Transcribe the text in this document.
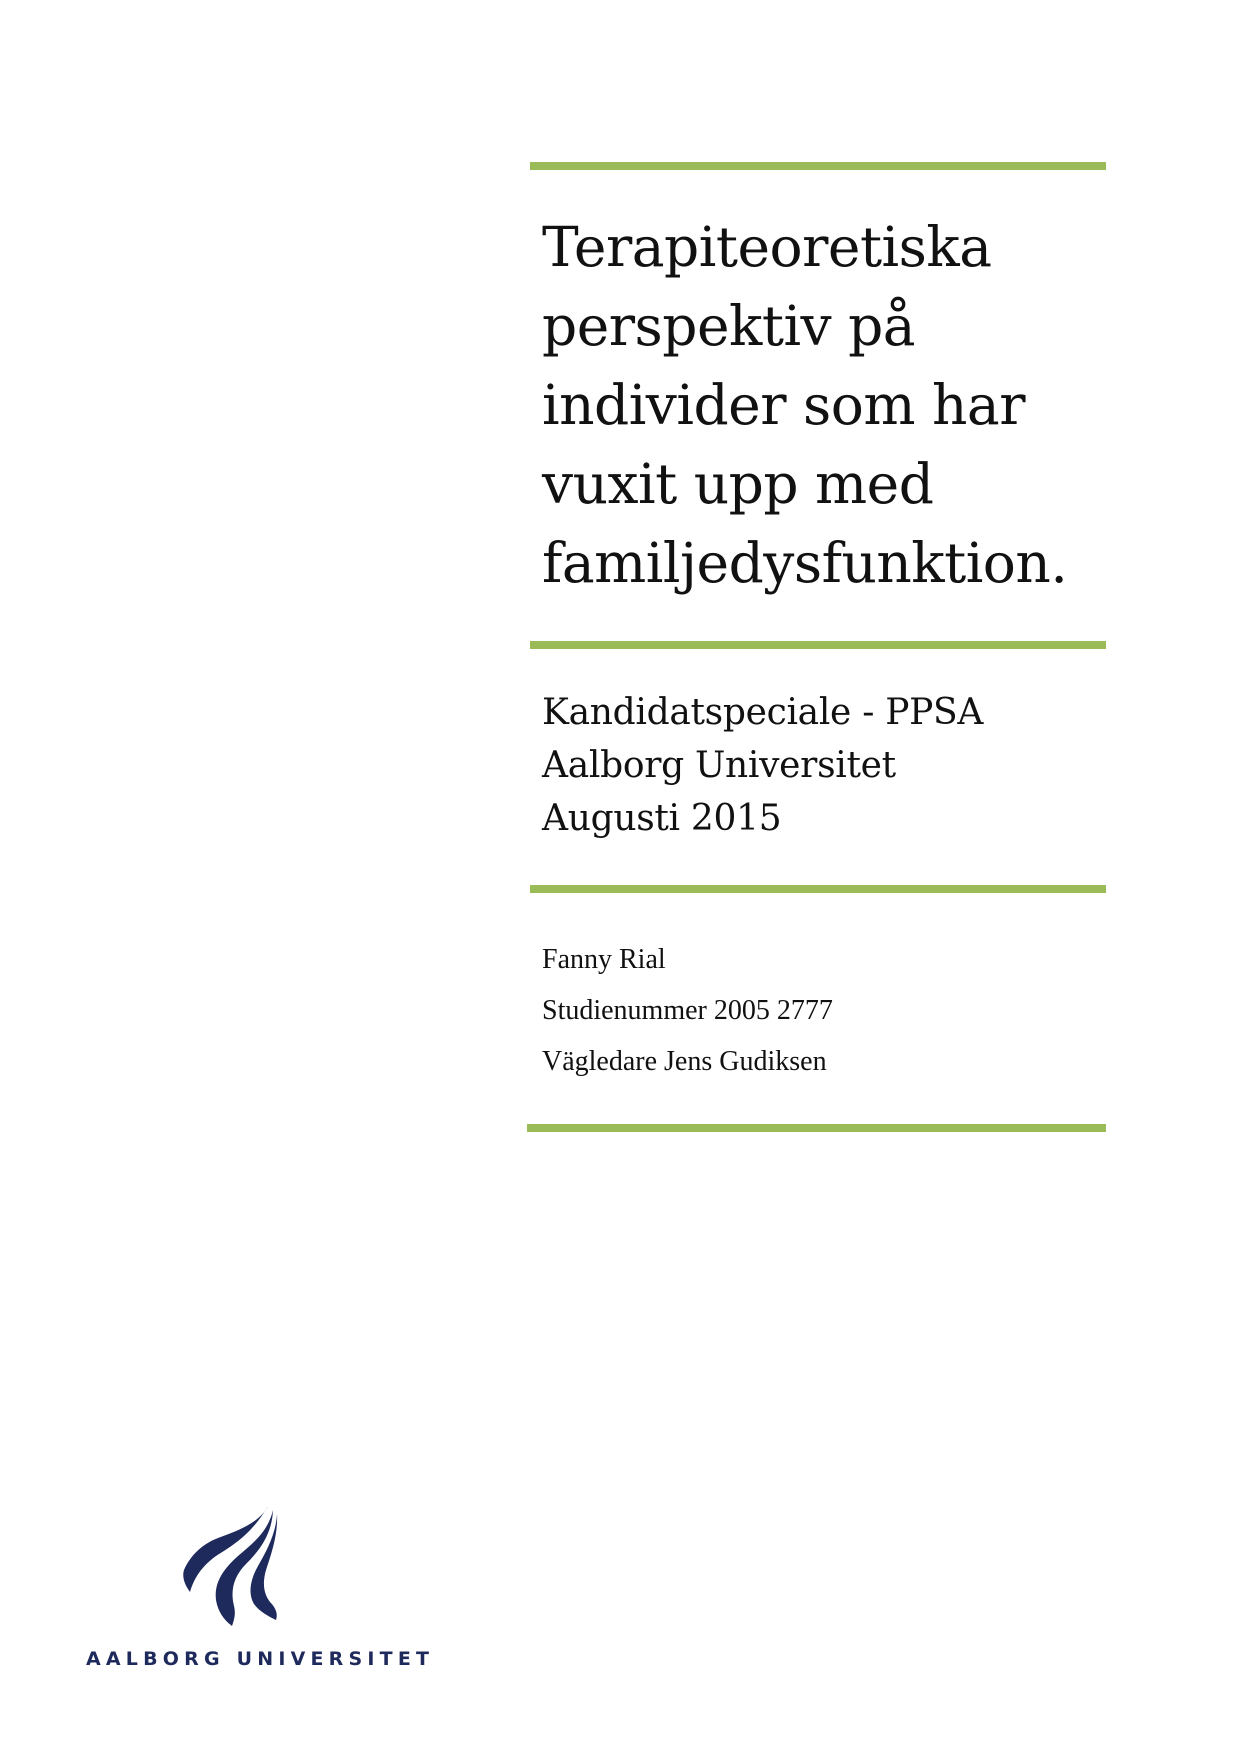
Terapiteoretiska
perspektiv på
individer som har
vuxit upp med
familjedysfunktion.
Kandidatspeciale - PPSA
Aalborg Universitet
Augusti 2015
Fanny Rial
Studienummer 2005 2777
Vägledare Jens Gudiksen
AALBORG UNIVERSITET
